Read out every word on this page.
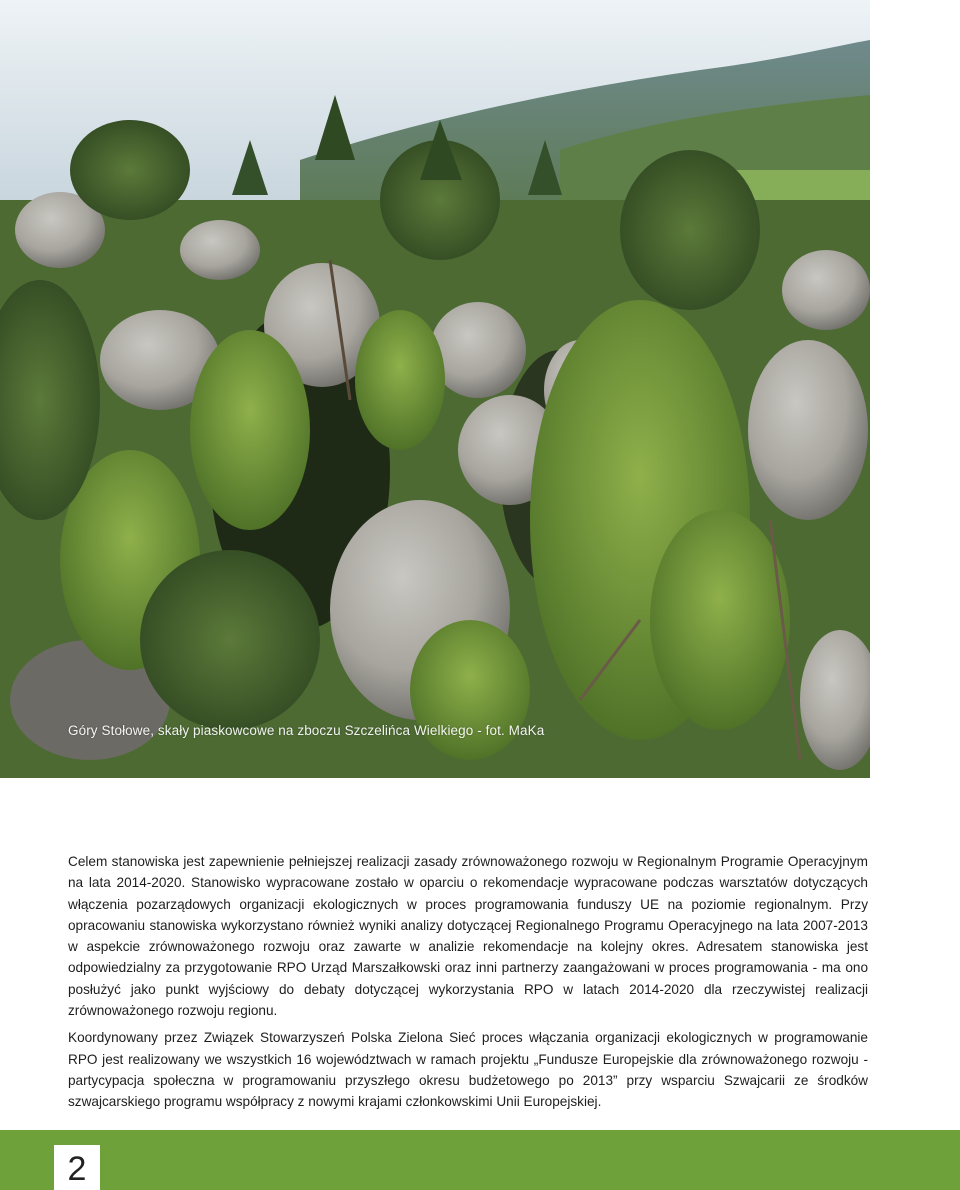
Góry Stołowe, skały piaskowcowe na zboczu Szczelińca Wielkiego - fot. MaKa

Celem stanowiska jest zapewnienie pełniejszej realizacji zasady zrównoważonego rozwoju w Regionalnym Programie Operacyjnym na lata 2014-2020. Stanowisko wypracowane zostało w oparciu o rekomendacje wypracowane podczas warsztatów dotyczących włączenia pozarządowych organizacji ekologicznych w proces programowania funduszy UE na poziomie regionalnym. Przy opracowaniu stanowiska wykorzystano również wyniki analizy dotyczącej Regionalnego Programu Operacyjnego na lata 2007-2013 w aspekcie zrównoważonego rozwoju oraz zawarte w analizie rekomendacje na kolejny okres. Adresatem stanowiska jest odpowiedzialny za przygotowanie RPO Urząd Marszałkowski oraz inni partnerzy zaangażowani w proces programowania - ma ono posłużyć jako punkt wyjściowy do debaty dotyczącej wykorzystania RPO w latach 2014-2020 dla rzeczywistej realizacji zrównoważonego rozwoju regionu.

Koordynowany przez Związek Stowarzyszeń Polska Zielona Sieć proces włączania organizacji ekologicznych w programowanie RPO jest realizowany we wszystkich 16 województwach w ramach projektu „Fundusze Europejskie dla zrównoważonego rozwoju - partycypacja społeczna w programowaniu przyszłego okresu budżetowego po 2013” przy wsparciu Szwajcarii ze środków szwajcarskiego programu współpracy z nowymi krajami członkowskimi Unii Europejskiej.

2
